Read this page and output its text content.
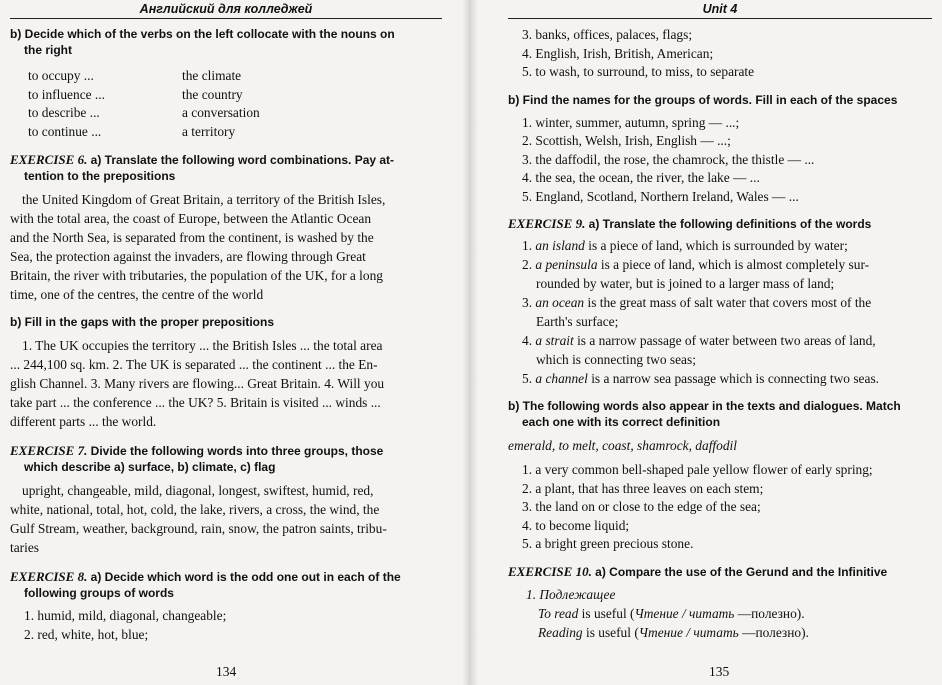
Английский для колледжей

b) Decide which of the verbs on the left collocate with the nouns on
the right

to occupy ...	the climate
to influence ...	the country
to describe ...	a conversation
to continue ...	a territory

EXERCISE 6. a) Translate the following word combinations. Pay at-
tention to the prepositions

the United Kingdom of Great Britain, a territory of the British Isles,

with the total area, the coast of Europe, between the Atlantic Ocean

and the North Sea, is separated from the continent, is washed by the

Sea, the protection against the invaders, are flowing through Great

Britain, the river with tributaries, the population of the UK, for a long

time, one of the centres, the centre of the world

b) Fill in the gaps with the proper prepositions

1. The UK occupies the territory ... the British Isles ... the total area

... 244,100 sq. km. 2. The UK is separated ... the continent ... the En-

glish Channel. 3. Many rivers are flowing... Great Britain. 4. Will you

take part ... the conference ... the UK? 5. Britain is visited ... winds ...

different parts ... the world.

EXERCISE 7. Divide the following words into three groups, those
which describe a) surface, b) climate, c) flag

upright, changeable, mild, diagonal, longest, swiftest, humid, red,

white, national, total, hot, cold, the lake, rivers, a cross, the wind, the

Gulf Stream, weather, background, rain, snow, the patron saints, tribu-

taries

EXERCISE 8. a) Decide which word is the odd one out in each of the
following groups of words

1. humid, mild, diagonal, changeable;
2. red, white, hot, blue;
134
Unit 4
3. banks, offices, palaces, flags;
4. English, Irish, British, American;
5. to wash, to surround, to miss, to separate

b) Find the names for the groups of words. Fill in each of the spaces

1. winter, summer, autumn, spring — ...;
2. Scottish, Welsh, Irish, English — ...;
3. the daffodil, the rose, the chamrock, the thistle — ...
4. the sea, the ocean, the river, the lake — ...
5. England, Scotland, Northern Ireland, Wales — ...

EXERCISE 9. a) Translate the following definitions of the words

1. an island is a piece of land, which is surrounded by water;

2. a peninsula is a piece of land, which is almost completely sur-

rounded by water, but is joined to a larger mass of land;

3. an ocean is the great mass of salt water that covers most of the

Earth's surface;

4. a strait is a narrow passage of water between two areas of land,

which is connecting two seas;

5. a channel is a narrow sea passage which is connecting two seas.

b) The following words also appear in the texts and dialogues. Match
each one with its correct definition

emerald, to melt, coast, shamrock, daffodil

1. a very common bell-shaped pale yellow flower of early spring;
2. a plant, that has three leaves on each stem;
3. the land on or close to the edge of the sea;
4. to become liquid;
5. a bright green precious stone.

EXERCISE 10. a) Compare the use of the Gerund and the Infinitive

1. Подлежащее

To read is useful (Чтение / читать —полезно).

Reading is useful (Чтение / читать —полезно).

135
